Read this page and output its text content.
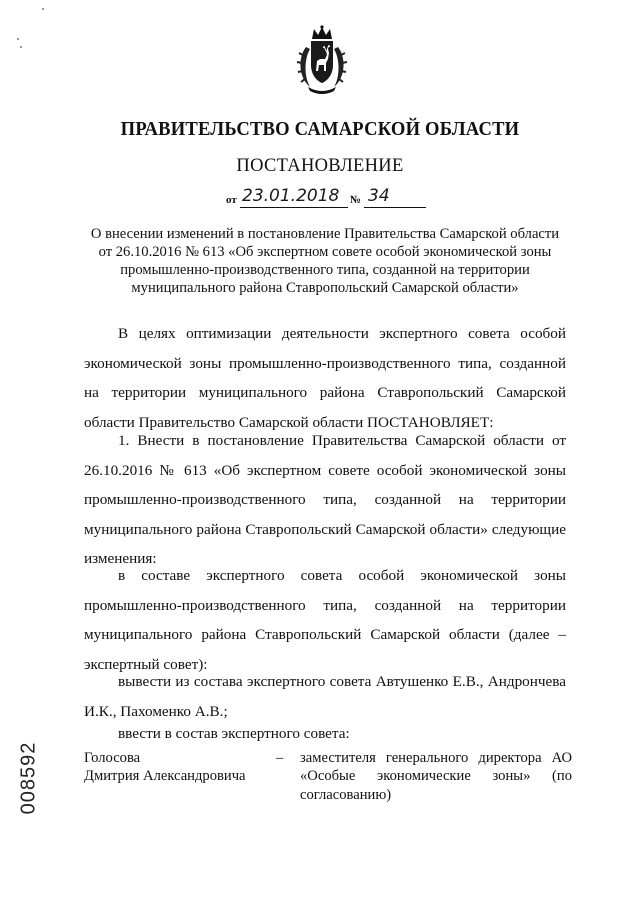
ПРАВИТЕЛЬСТВО САМАРСКОЙ ОБЛАСТИ
ПОСТАНОВЛЕНИЕ
от 23.01.2018 № 34
О внесении изменений в постановление Правительства Самарской области
от 26.10.2016 № 613 «Об экспертном совете особой экономической зоны
промышленно-производственного типа, созданной на территории
муниципального района Ставропольский Самарской области»

В целях оптимизации деятельности экспертного совета особой экономической зоны промышленно-производственного типа, созданной на территории муниципального района Ставропольский Самарской области Правительство Самарской области ПОСТАНОВЛЯЕТ:

1. Внести в постановление Правительства Самарской области от 26.10.2016 № 613 «Об экспертном совете особой экономической зоны промышленно-производственного типа, созданной на территории муниципального района Ставропольский Самарской области» следующие изменения:

в составе экспертного совета особой экономической зоны промышленно-производственного типа, созданной на территории муниципального района Ставропольский Самарской области (далее – экспертный совет):

вывести из состава экспертного совета Автушенко Е.В., Андрончева И.К., Пахоменко А.В.;

ввести в состав экспертного совета:

Голосова
Дмитрия Александровича
– заместителя генерального директора АО «Особые экономические зоны» (по согласованию)
008592
